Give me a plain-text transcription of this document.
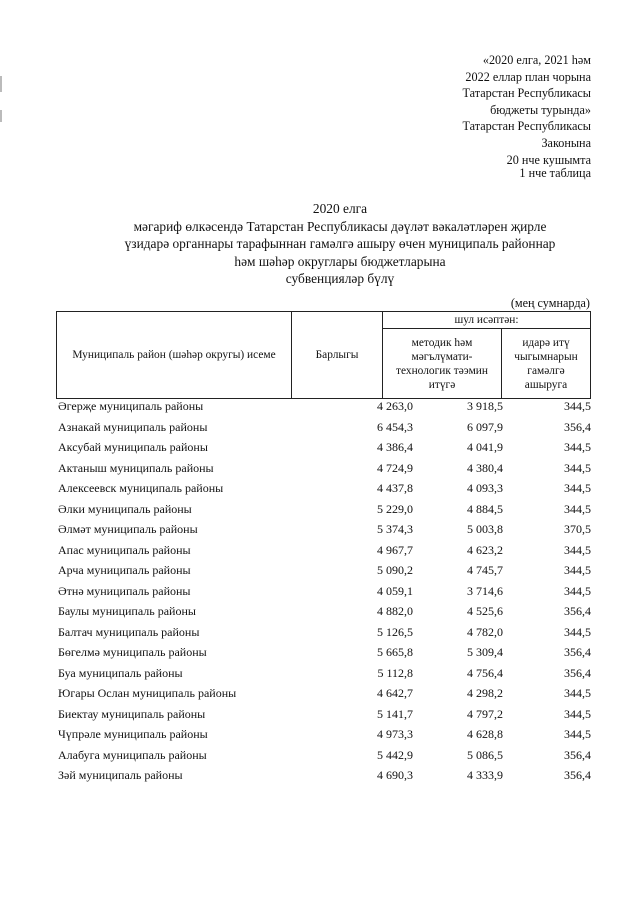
«2020 елга, 2021 һәм
2022 еллар план чорына
Татарстан Республикасы
бюджеты турында»
Татарстан Республикасы
Законына
20 нче кушымта
1 нче таблица
2020 елга
мәгариф өлкәсендә Татарстан Республикасы дәүләт вәкаләтләрен җирле
үзидарә органнары тарафыннан гамәлгә ашыру өчен муниципаль районнар
һәм шәһәр округлары бюджетларына
субвенцияләр бүлү
(мең сумнарда)
Муниципаль район (шәһәр округы) исеме	Барлыгы	шул исәптән:	
		методик һәм мәгълүмати-технологик тәэмин итүгә	идарә итү чыгымнарын гамәлгә ашыруга
Әгерҗе муниципаль районы	4 263,0	3 918,5	344,5
Азнакай муниципаль районы	6 454,3	6 097,9	356,4
Аксубай муниципаль районы	4 386,4	4 041,9	344,5
Актаныш муниципаль районы	4 724,9	4 380,4	344,5
Алексеевск муниципаль районы	4 437,8	4 093,3	344,5
Әлки муниципаль районы	5 229,0	4 884,5	344,5
Әлмәт муниципаль районы	5 374,3	5 003,8	370,5
Апас муниципаль районы	4 967,7	4 623,2	344,5
Арча муниципаль районы	5 090,2	4 745,7	344,5
Әтнә муниципаль районы	4 059,1	3 714,6	344,5
Баулы муниципаль районы	4 882,0	4 525,6	356,4
Балтач муниципаль районы	5 126,5	4 782,0	344,5
Бөгелмә муниципаль районы	5 665,8	5 309,4	356,4
Буа муниципаль районы	5 112,8	4 756,4	356,4
Югары Ослан муниципаль районы	4 642,7	4 298,2	344,5
Биектау муниципаль районы	5 141,7	4 797,2	344,5
Чүпрәле муниципаль районы	4 973,3	4 628,8	344,5
Алабуга муниципаль районы	5 442,9	5 086,5	356,4
Зәй муниципаль районы	4 690,3	4 333,9	356,4
